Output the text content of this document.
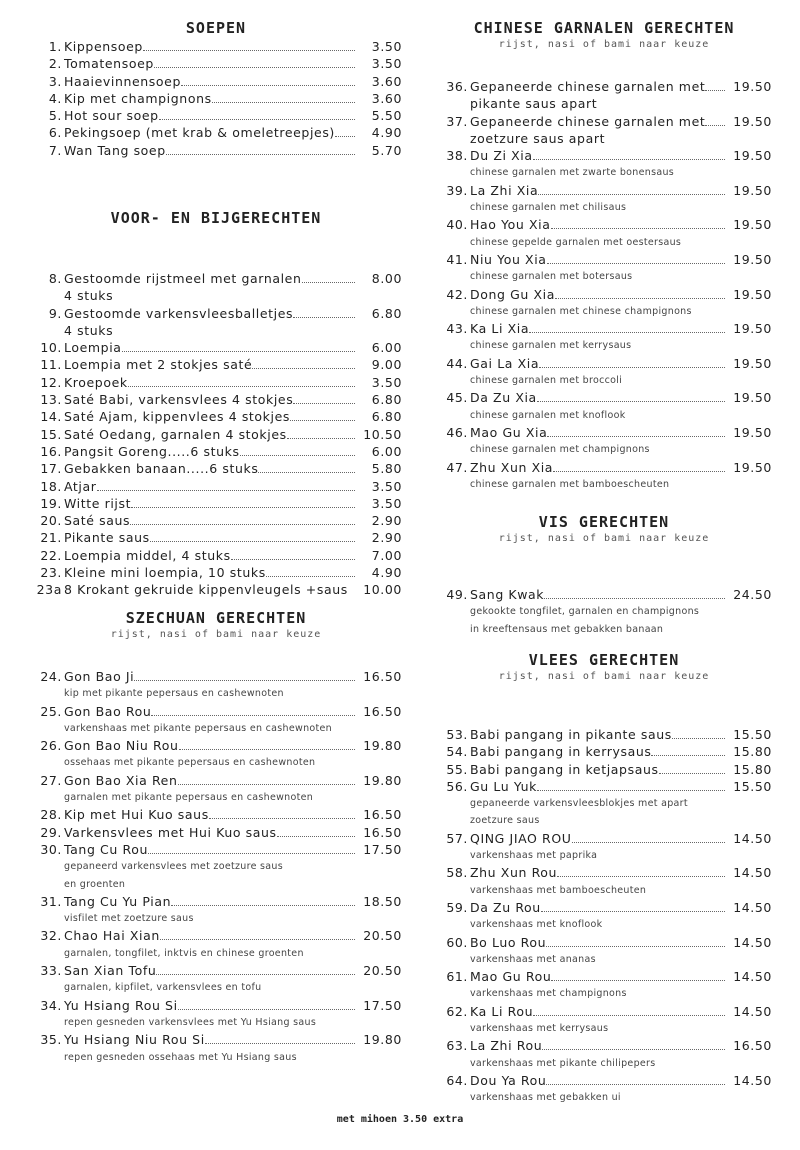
SOEPEN
1. Kippensoep	3.50
2. Tomatensoep	3.50
3. Haaievinnensoep	3.60
4. Kip met champignons	3.60
5. Hot sour soep	5.50
6. Pekingsoep (met krab & omeletreepjes)	4.90
7. Wan Tang soep	5.70
VOOR- EN BIJGERECHTEN
8. Gestoomde rijstmeel met garnalen	8.00
4 stuks
9. Gestoomde varkensvleesballetjes	6.80
4 stuks
10. Loempia	6.00
11. Loempia met 2 stokjes saté	9.00
12. Kroepoek	3.50
13. Saté Babi, varkensvlees 4 stokjes	6.80
14. Saté Ajam, kippenvlees 4 stokjes	6.80
15. Saté Oedang, garnalen 4 stokjes	10.50
16. Pangsit Goreng.....6 stuks	6.00
17. Gebakken banaan.....6 stuks	5.80
18. Atjar	3.50
19. Witte rijst	3.50
20. Saté saus	2.90
21. Pikante saus	2.90
22. Loempia middel, 4 stuks	7.00
23. Kleine mini loempia, 10 stuks	4.90
23a 8 Krokant gekruide kippenvleugels +saus	10.00
SZECHUAN GERECHTEN
rijst, nasi of bami naar keuze
24. Gon Bao Ji	16.50
kip met pikante pepersaus en cashewnoten
25. Gon Bao Rou	16.50
varkenshaas met pikante pepersaus en cashewnoten
26. Gon Bao Niu Rou	19.80
ossehaas met pikante pepersaus en cashewnoten
27. Gon Bao Xia Ren	19.80
garnalen met pikante pepersaus en cashewnoten
28. Kip met Hui Kuo saus	16.50
29. Varkensvlees met Hui Kuo saus	16.50
30. Tang Cu Rou	17.50
gepaneerd varkensvlees met zoetzure saus
en groenten
31. Tang Cu Yu Pian	18.50
visfilet met zoetzure saus
32. Chao Hai Xian	20.50
garnalen, tongfilet, inktvis en chinese groenten
33. San Xian Tofu	20.50
garnalen, kipfilet, varkensvlees en tofu
34. Yu Hsiang Rou Si	17.50
repen gesneden varkensvlees met Yu Hsiang saus
35. Yu Hsiang Niu Rou Si	19.80
repen gesneden ossehaas met Yu Hsiang saus
CHINESE GARNALEN GERECHTEN
rijst, nasi of bami naar keuze
36. Gepaneerde chinese garnalen met	19.50
pikante saus apart
37. Gepaneerde chinese garnalen met	19.50
zoetzure saus apart
38. Du Zi Xia	19.50
chinese garnalen met zwarte bonensaus
39. La Zhi Xia	19.50
chinese garnalen met chilisaus
40. Hao You Xia	19.50
chinese gepelde garnalen met oestersaus
41. Niu You Xia	19.50
chinese garnalen met botersaus
42. Dong Gu Xia	19.50
chinese garnalen met chinese champignons
43. Ka Li Xia	19.50
chinese garnalen met kerrysaus
44. Gai La Xia	19.50
chinese garnalen met broccoli
45. Da Zu Xia	19.50
chinese garnalen met knoflook
46. Mao Gu Xia	19.50
chinese garnalen met champignons
47. Zhu Xun Xia	19.50
chinese garnalen met bamboescheuten
VIS GERECHTEN
rijst, nasi of bami naar keuze
49. Sang Kwak	24.50
gekookte tongfilet, garnalen en champignons
in kreeftensaus met gebakken banaan
VLEES GERECHTEN
rijst, nasi of bami naar keuze
53. Babi pangang in pikante saus	15.50
54. Babi pangang in kerrysaus	15.80
55. Babi pangang in ketjapsaus	15.80
56. Gu Lu Yuk	15.50
gepaneerde varkensvleesblokjes met apart
zoetzure saus
57. QING JIAO ROU	14.50
varkenshaas met paprika
58. Zhu Xun Rou	14.50
varkenshaas met bamboescheuten
59. Da Zu Rou	14.50
varkenshaas met knoflook
60. Bo Luo Rou	14.50
varkenshaas met ananas
61. Mao Gu Rou	14.50
varkenshaas met champignons
62. Ka Li Rou	14.50
varkenshaas met kerrysaus
63. La Zhi Rou	16.50
varkenshaas met pikante chilipepers
64. Dou Ya Rou	14.50
varkenshaas met gebakken ui
met mihoen 3.50 extra
